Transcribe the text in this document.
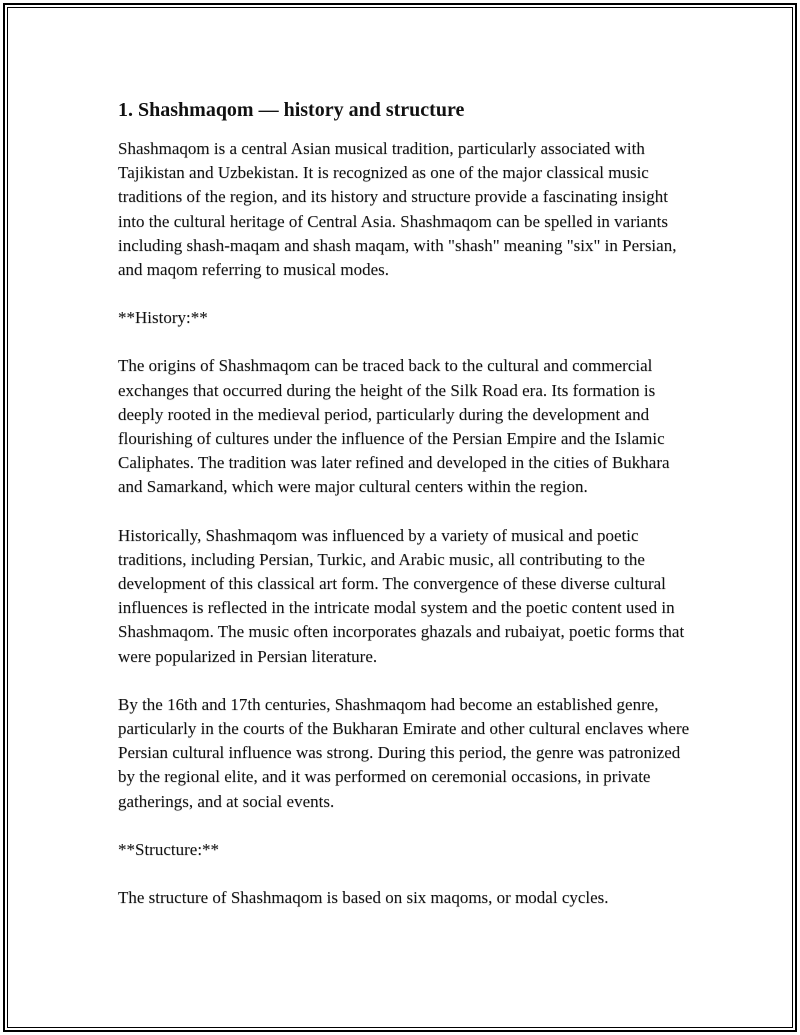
1. Shashmaqom — history and structure

Shashmaqom is a central Asian musical tradition, particularly associated with Tajikistan and Uzbekistan. It is recognized as one of the major classical music traditions of the region, and its history and structure provide a fascinating insight into the cultural heritage of Central Asia. Shashmaqom can be spelled in variants including shash-maqam and shash maqam, with "shash" meaning "six" in Persian, and maqom referring to musical modes.

**History:**

The origins of Shashmaqom can be traced back to the cultural and commercial exchanges that occurred during the height of the Silk Road era. Its formation is deeply rooted in the medieval period, particularly during the development and flourishing of cultures under the influence of the Persian Empire and the Islamic Caliphates. The tradition was later refined and developed in the cities of Bukhara and Samarkand, which were major cultural centers within the region.

Historically, Shashmaqom was influenced by a variety of musical and poetic traditions, including Persian, Turkic, and Arabic music, all contributing to the development of this classical art form. The convergence of these diverse cultural influences is reflected in the intricate modal system and the poetic content used in Shashmaqom. The music often incorporates ghazals and rubaiyat, poetic forms that were popularized in Persian literature.

By the 16th and 17th centuries, Shashmaqom had become an established genre, particularly in the courts of the Bukharan Emirate and other cultural enclaves where Persian cultural influence was strong. During this period, the genre was patronized by the regional elite, and it was performed on ceremonial occasions, in private gatherings, and at social events.

**Structure:**

The structure of Shashmaqom is based on six maqoms, or modal cycles.
